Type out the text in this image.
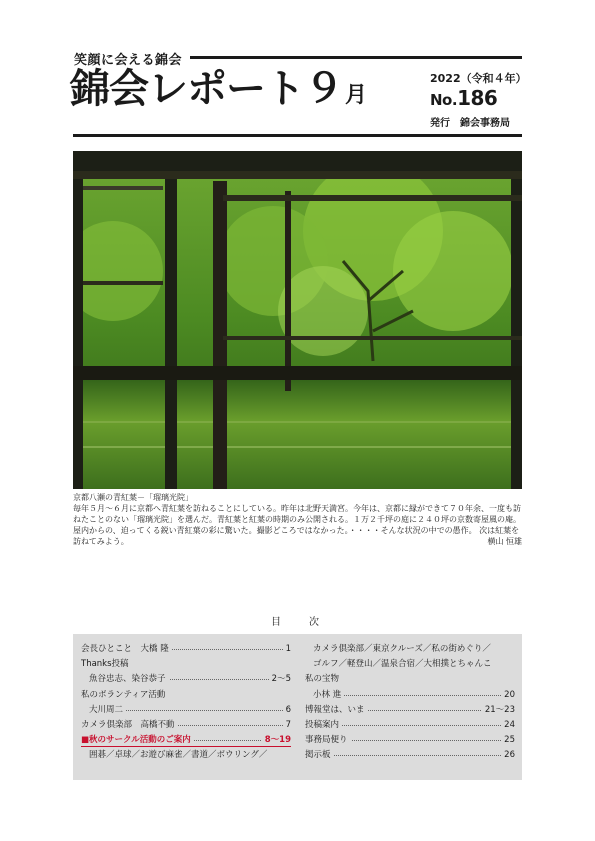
笑顔に会える錦会
錦会レポート９月
2022（令和４年）
No.186
発行　錦会事務局
京都八瀬の青紅葉－「瑠璃光院」
毎年５月〜６月に京都へ青紅葉を訪ねることにしている。昨年は北野天満宮。今年は、京都に縁ができて７０年余、一度も訪ねたことのない「瑠璃光院」を選んだ。青紅葉と紅葉の時期のみ公開される。１万２千坪の庭に２４０坪の京数寄屋風の庵。屋内からの、迫ってくる鋭い青紅葉の彩に驚いた。撮影どころではなかった。・・・・そんな状況の中での愚作。 次は紅葉を訪ねてみよう。	横山 恒雄
目次
会長ひとこと　大橋 隆	1
Thanks投稿
魚谷忠志、染谷恭子	2〜5
私のボランティア活動
大川周二	6
カメラ倶楽部　高橋不動	7
■秋のサークル活動のご案内	8〜19
囲碁／卓球／お遊び麻雀／書道／ボウリング／
カメラ倶楽部／東京クルーズ／私の街めぐり／
ゴルフ／軽登山／温泉合宿／大相撲とちゃんこ
私の宝物
小林 進	20
博報堂は、いま	21〜23
投稿案内	24
事務局便り	25
掲示板	26
